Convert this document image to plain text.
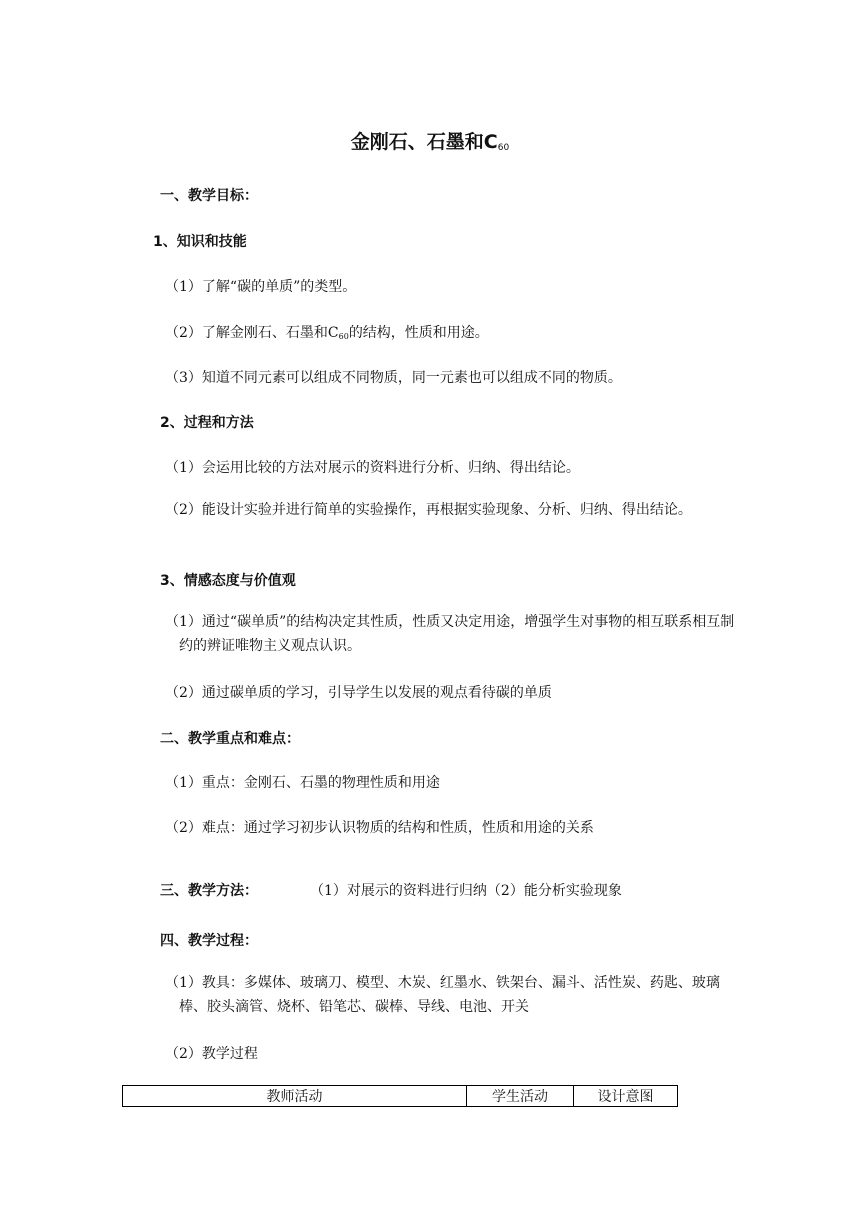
金刚石、石墨和$C_{60}$
一、教学目标：
1、知识和技能
（1）了解“碳的单质”的类型。
（2）了解金刚石、石墨和$C_{60}$的结构，性质和用途。
（3）知道不同元素可以组成不同物质，同一元素也可以组成不同的物质。
2、过程和方法
（1）会运用比较的方法对展示的资料进行分析、归纳、得出结论。
（2）能设计实验并进行简单的实验操作，再根据实验现象、分析、归纳、得出结论。
3、情感态度与价值观
（1）通过“碳单质”的结构决定其性质，性质又决定用途，增强学生对事物的相互联系相互制约的辨证唯物主义观点认识。
（2）通过碳单质的学习，引导学生以发展的观点看待碳的单质
二、教学重点和难点：
（1）重点：金刚石、石墨的物理性质和用途
（2）难点：通过学习初步认识物质的结构和性质，性质和用途的关系
三、教学方法：	（1）对展示的资料进行归纳（2）能分析实验现象
四、教学过程：
（1）教具：多媒体、玻璃刀、模型、木炭、红墨水、铁架台、漏斗、活性炭、药匙、玻璃棒、胶头滴管、烧杯、铅笔芯、碳棒、导线、电池、开关
（2）教学过程
教师活动	学生活动	设计意图
